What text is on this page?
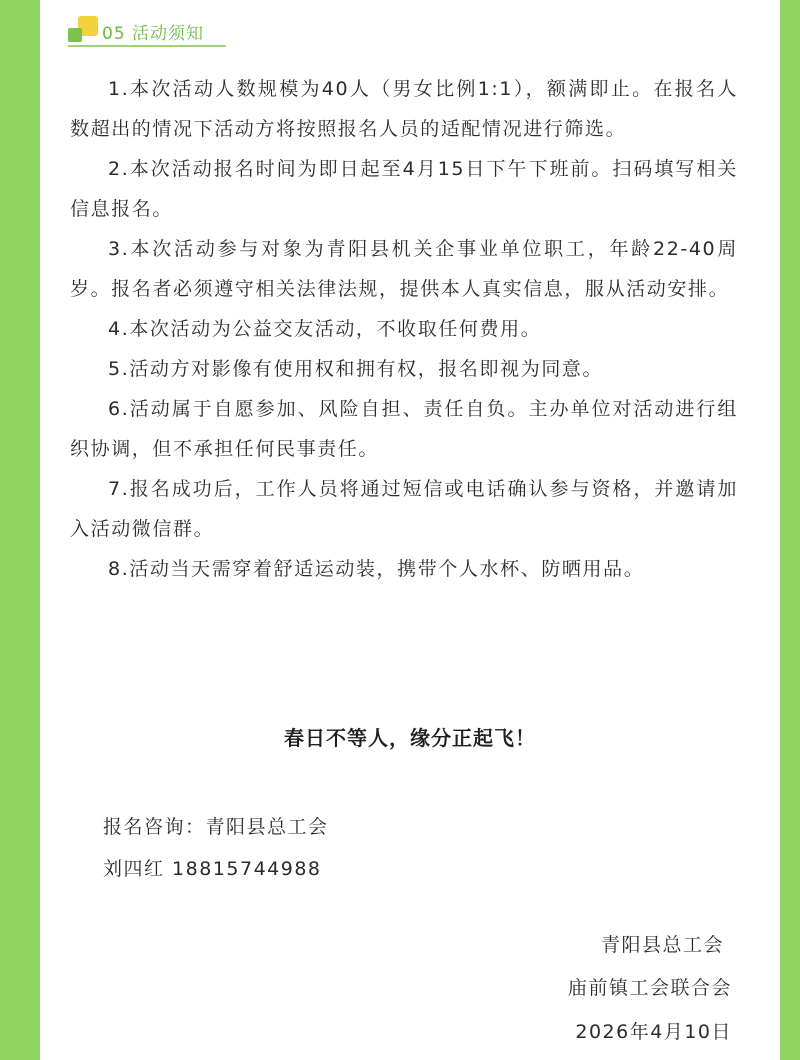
05 活动须知

1.本次活动人数规模为40人（男女比例1:1），额满即止。在报名人数超出的情况下活动方将按照报名人员的适配情况进行筛选。

2.本次活动报名时间为即日起至4月15日下午下班前。扫码填写相关信息报名。

3.本次活动参与对象为青阳县机关企事业单位职工，年龄22-40周岁。报名者必须遵守相关法律法规，提供本人真实信息，服从活动安排。

4.本次活动为公益交友活动，不收取任何费用。

5.活动方对影像有使用权和拥有权，报名即视为同意。

6.活动属于自愿参加、风险自担、责任自负。主办单位对活动进行组织协调，但不承担任何民事责任。

7.报名成功后，工作人员将通过短信或电话确认参与资格，并邀请加入活动微信群。

8.活动当天需穿着舒适运动装，携带个人水杯、防晒用品。

春日不等人，缘分正起飞！
报名咨询：青阳县总工会
刘四红 18815744988
青阳县总工会
庙前镇工会联合会
2026年4月10日
